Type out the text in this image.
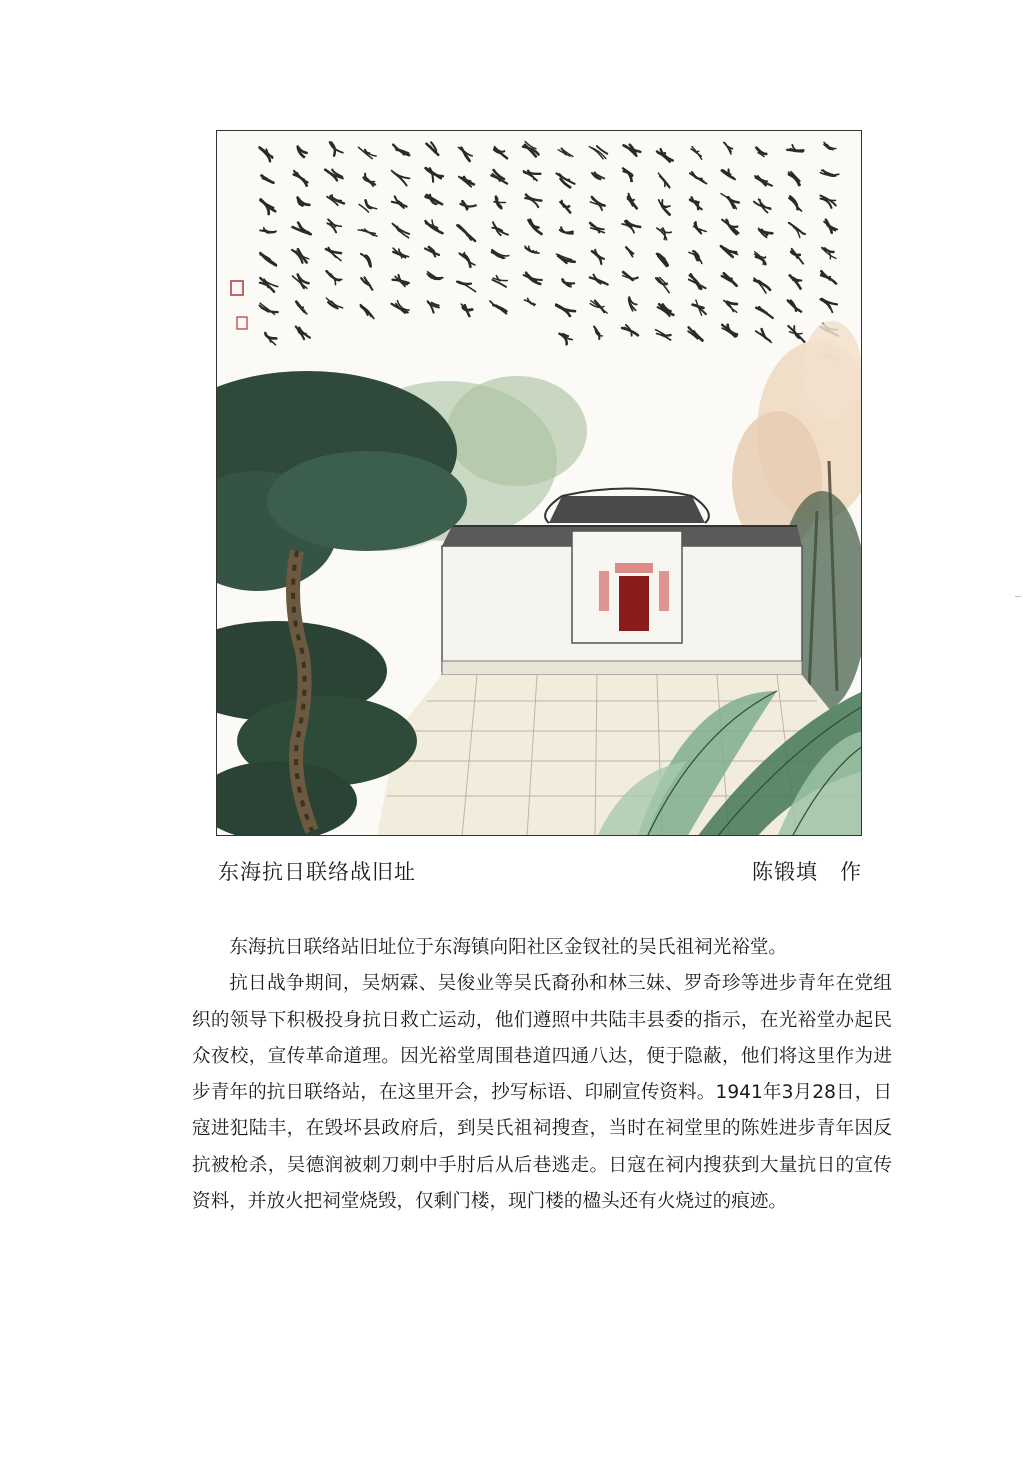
东海抗日联络战旧址	陈锻填　作

东海抗日联络站旧址位于东海镇向阳社区金钗社的吴氏祖祠光裕堂。

抗日战争期间，吴炳霖、吴俊业等吴氏裔孙和林三妹、罗奇珍等进步青年在党组织的领导下积极投身抗日救亡运动，他们遵照中共陆丰县委的指示，在光裕堂办起民众夜校，宣传革命道理。因光裕堂周围巷道四通八达，便于隐蔽，他们将这里作为进步青年的抗日联络站，在这里开会，抄写标语、印刷宣传资料。1941年3月28日，日寇进犯陆丰，在毁坏县政府后，到吴氏祖祠搜查，当时在祠堂里的陈姓进步青年因反抗被枪杀，吴德润被刺刀刺中手肘后从后巷逃走。日寇在祠内搜获到大量抗日的宣传资料，并放火把祠堂烧毁，仅剩门楼，现门楼的楹头还有火烧过的痕迹。
